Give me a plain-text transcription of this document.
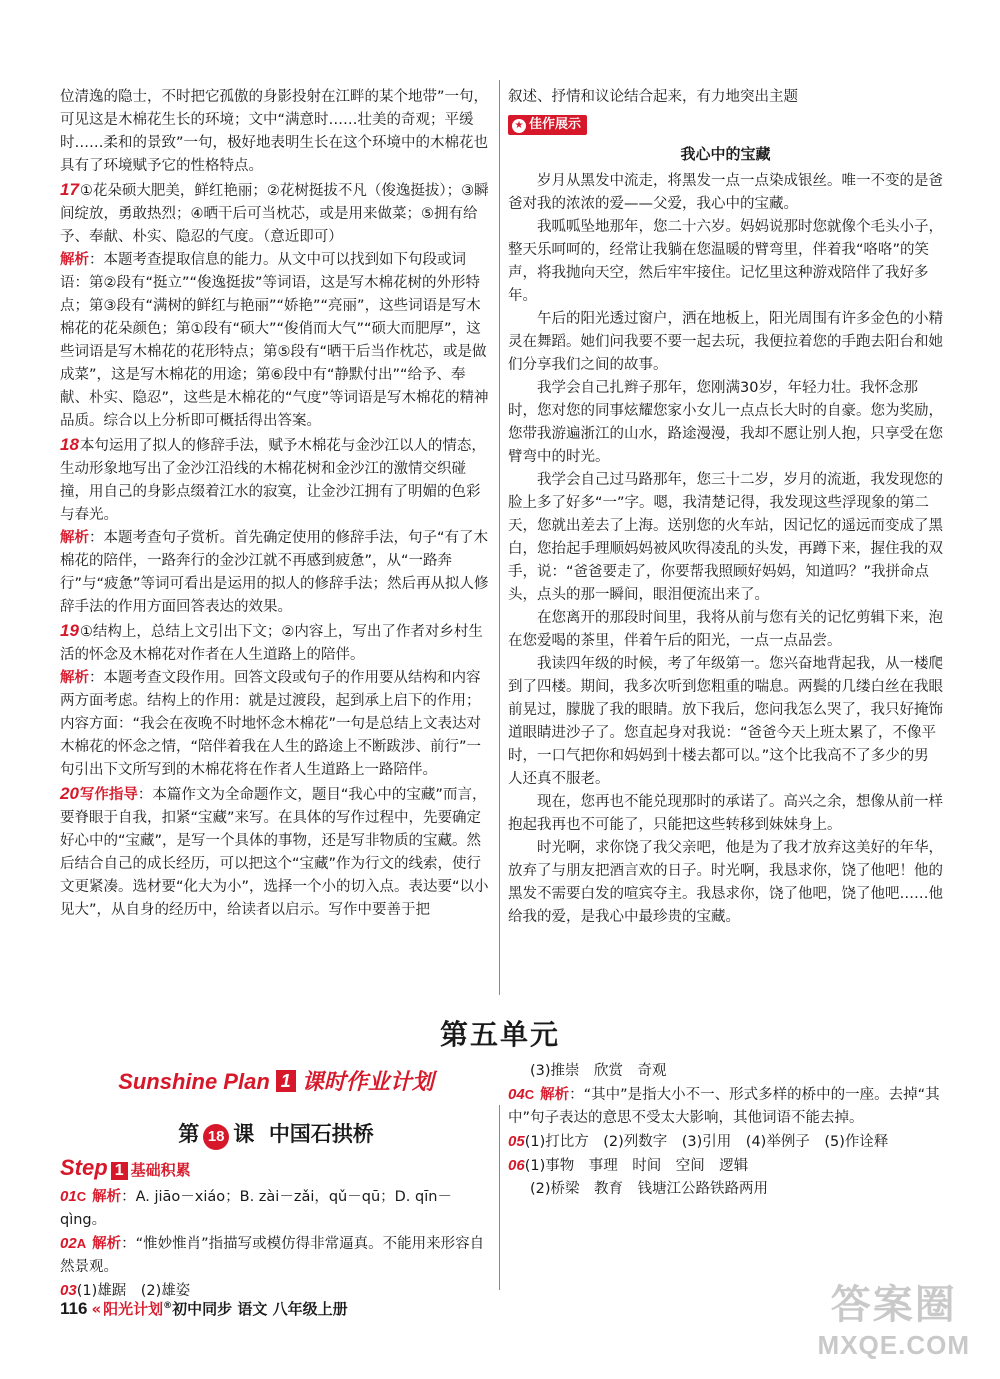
位清逸的隐士，不时把它孤傲的身影投射在江畔的某个地带”一句，可见这是木棉花生长的环境；文中“满意时……壮美的奇观；平缓时……柔和的景致”一句，极好地表明生长在这个环境中的木棉花也具有了环境赋予它的性格特点。

17①花朵硕大肥美，鲜红艳丽；②花树挺拔不凡（俊逸挺拔）；③瞬间绽放，勇敢热烈；④晒干后可当枕芯，或是用来做菜；⑤拥有给予、奉献、朴实、隐忍的气度。（意近即可）

解析：本题考查提取信息的能力。从文中可以找到如下句段或词语：第②段有“挺立”“俊逸挺拔”等词语，这是写木棉花树的外形特点；第③段有“满树的鲜红与艳丽”“娇艳”“亮丽”，这些词语是写木棉花的花朵颜色；第①段有“硕大”“俊俏而大气”“硕大而肥厚”，这些词语是写木棉花的花形特点；第⑤段有“晒干后当作枕芯，或是做成菜”，这是写木棉花的用途；第⑥段中有“静默付出”“给予、奉献、朴实、隐忍”，这些是木棉花的“气度”等词语是写木棉花的精神品质。综合以上分析即可概括得出答案。

18本句运用了拟人的修辞手法，赋予木棉花与金沙江以人的情态，生动形象地写出了金沙江沿线的木棉花树和金沙江的激情交织碰撞，用自己的身影点缀着江水的寂寞，让金沙江拥有了明媚的色彩与春光。

解析：本题考查句子赏析。首先确定使用的修辞手法，句子“有了木棉花的陪伴，一路奔行的金沙江就不再感到疲惫”，从“一路奔行”与“疲惫”等词可看出是运用的拟人的修辞手法；然后再从拟人修辞手法的作用方面回答表达的效果。

19①结构上，总结上文引出下文；②内容上，写出了作者对乡村生活的怀念及木棉花对作者在人生道路上的陪伴。

解析：本题考查文段作用。回答文段或句子的作用要从结构和内容两方面考虑。结构上的作用：就是过渡段，起到承上启下的作用；内容方面：“我会在夜晚不时地怀念木棉花”一句是总结上文表达对木棉花的怀念之情，“陪伴着我在人生的路途上不断跋涉、前行”一句引出下文所写到的木棉花将在作者人生道路上一路陪伴。

20写作指导：本篇作文为全命题作文，题目“我心中的宝藏”而言，要脊眼于自我，扣紧“宝藏”来写。在具体的写作过程中，先要确定好心中的“宝藏”，是写一个具体的事物，还是写非物质的宝藏。然后结合自己的成长经历，可以把这个“宝藏”作为行文的线索，使行文更紧凑。选材要“化大为小”，选择一个小的切入点。表达要“以小见大”，从自身的经历中，给读者以启示。写作中要善于把

叙述、抒情和议论结合起来，有力地突出主题

★ 佳作展示
我心中的宝藏

岁月从黑发中流走，将黑发一点一点染成银丝。唯一不变的是爸爸对我的浓浓的爱——父爱，我心中的宝藏。

我呱呱坠地那年，您二十六岁。妈妈说那时您就像个毛头小子，整天乐呵呵的，经常让我躺在您温暖的臂弯里，伴着我“咯咯”的笑声，将我抛向天空，然后牢牢接住。记忆里这种游戏陪伴了我好多年。

午后的阳光透过窗户，洒在地板上，阳光周围有许多金色的小精灵在舞蹈。她们问我要不要一起去玩，我便拉着您的手跑去阳台和她们分享我们之间的故事。

我学会自己扎辫子那年，您刚满30岁，年轻力壮。我怀念那时，您对您的同事炫耀您家小女儿一点点长大时的自豪。您为奖励，您带我游遍浙江的山水，路途漫漫，我却不愿让别人抱，只享受在您臂弯中的时光。

我学会自己过马路那年，您三十二岁，岁月的流逝，我发现您的脸上多了好多“一”字。嗯，我清楚记得，我发现这些浮现象的第二天，您就出差去了上海。送别您的火车站，因记忆的遥远而变成了黑白，您抬起手理顺妈妈被风吹得凌乱的头发，再蹲下来，握住我的双手，说：“爸爸要走了，你要帮我照顾好妈妈，知道吗？”我拼命点头，点头的那一瞬间，眼泪便流出来了。

在您离开的那段时间里，我将从前与您有关的记忆剪辑下来，泡在您爱喝的茶里，伴着午后的阳光，一点一点品尝。

我读四年级的时候，考了年级第一。您兴奋地背起我，从一楼爬到了四楼。期间，我多次听到您粗重的喘息。两鬓的几缕白丝在我眼前晃过，朦胧了我的眼睛。放下我后，您问我怎么哭了，我只好掩饰道眼睛进沙子了。您直起身对我说：“爸爸今天上班太累了，不像平时，一口气把你和妈妈到十楼去都可以。”这个比我高不了多少的男人还真不服老。

现在，您再也不能兑现那时的承诺了。高兴之余，想像从前一样抱起我再也不可能了，只能把这些转移到妹妹身上。

时光啊，求你饶了我父亲吧，他是为了我才放弃这美好的年华，放弃了与朋友把酒言欢的日子。时光啊，我恳求你，饶了他吧！他的黑发不需要白发的喧宾夺主。我恳求你，饶了他吧，饶了他吧……他给我的爱，是我心中最珍贵的宝藏。

第五单元
Sunshine Plan 1 课时作业计划
第 18 课 中国石拱桥
Step 1 基础积累

01C 解析：A. jiāo－xiáo；B. zài－zǎi，qǔ－qū；D. qīn－qìng。

02A 解析：“惟妙惟肖”指描写或模仿得非常逼真。不能用来形容自然景观。

03(1)雄踞　(2)雄姿

(3)推崇　欣赏　奇观

04C 解析：“其中”是指大小不一、形式多样的桥中的一座。去掉“其中”句子表达的意思不受太大影响，其他词语不能去掉。

05(1)打比方　(2)列数字　(3)引用　(4)举例子　(5)作诠释

06(1)事物　事理　时间　空间　逻辑

(2)桥梁　教育　钱塘江公路铁路两用

116 « 阳光计划®初中同步 语文 八年级上册	答案圈
MXQE.COM
